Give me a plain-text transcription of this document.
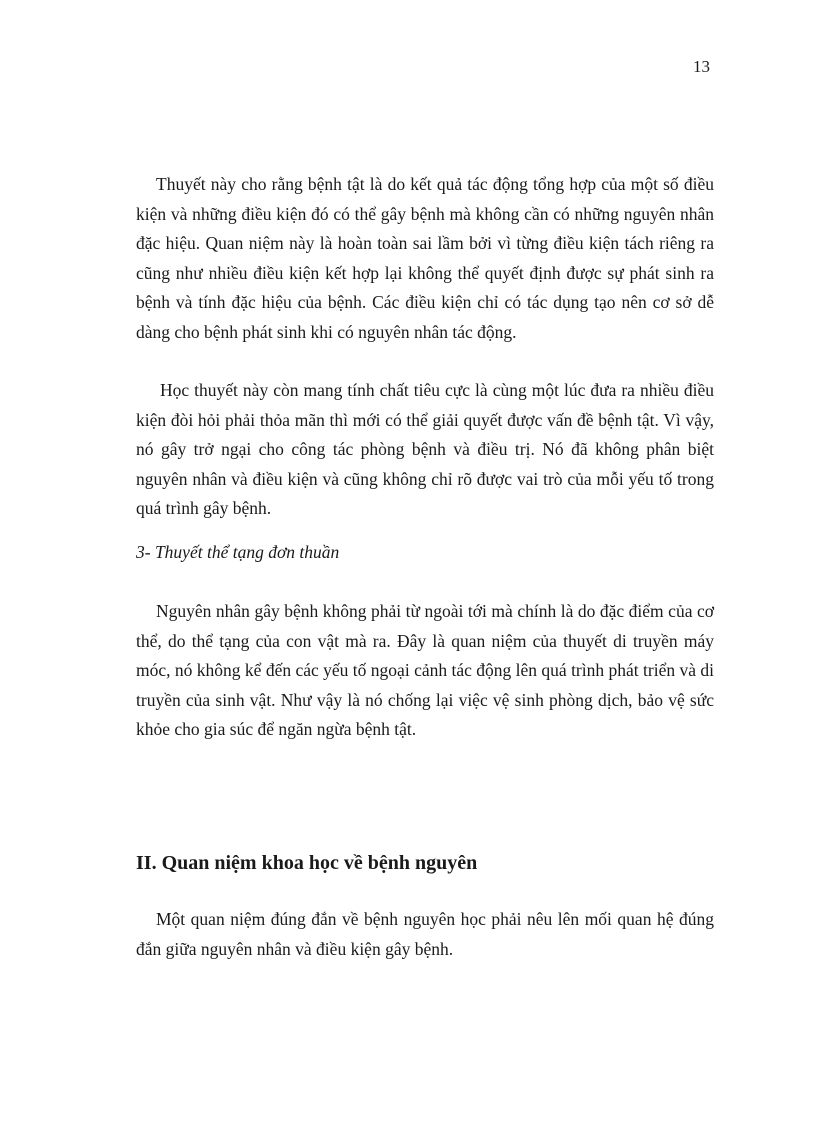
13

Thuyết này cho rằng bệnh tật là do kết quả tác động tổng hợp của một số điều kiện và những điều kiện đó có thể gây bệnh mà không cần có những nguyên nhân đặc hiệu. Quan niệm này là hoàn toàn sai lầm bởi vì từng điều kiện tách riêng ra cũng như nhiều điều kiện kết hợp lại không thể quyết định được sự phát sinh ra bệnh và tính đặc hiệu của bệnh. Các điều kiện chỉ có tác dụng tạo nên cơ sở dễ dàng cho bệnh phát sinh khi có nguyên nhân tác động.

Học thuyết này còn mang tính chất tiêu cực là cùng một lúc đưa ra nhiều điều kiện đòi hỏi phải thỏa mãn thì mới có thể giải quyết được vấn đề bệnh tật. Vì vậy, nó gây trở ngại cho công tác phòng bệnh và điều trị. Nó đã không phân biệt nguyên nhân và điều kiện và cũng không chỉ rõ được vai trò của mỗi yếu tố trong quá trình gây bệnh.

3- Thuyết thể tạng đơn thuần

Nguyên nhân gây bệnh không phải từ ngoài tới mà chính là do đặc điểm của cơ thể, do thể tạng của con vật mà ra. Đây là quan niệm của thuyết di truyền máy móc, nó không kể đến các yếu tố ngoại cảnh tác động lên quá trình phát triển và di truyền của sinh vật. Như vậy là nó chống lại việc vệ sinh phòng dịch, bảo vệ sức khỏe cho gia súc để ngăn ngừa bệnh tật.

II. Quan niệm khoa học về bệnh nguyên

Một quan niệm đúng đắn về bệnh nguyên học phải nêu lên mối quan hệ đúng đắn giữa nguyên nhân và điều kiện gây bệnh.
